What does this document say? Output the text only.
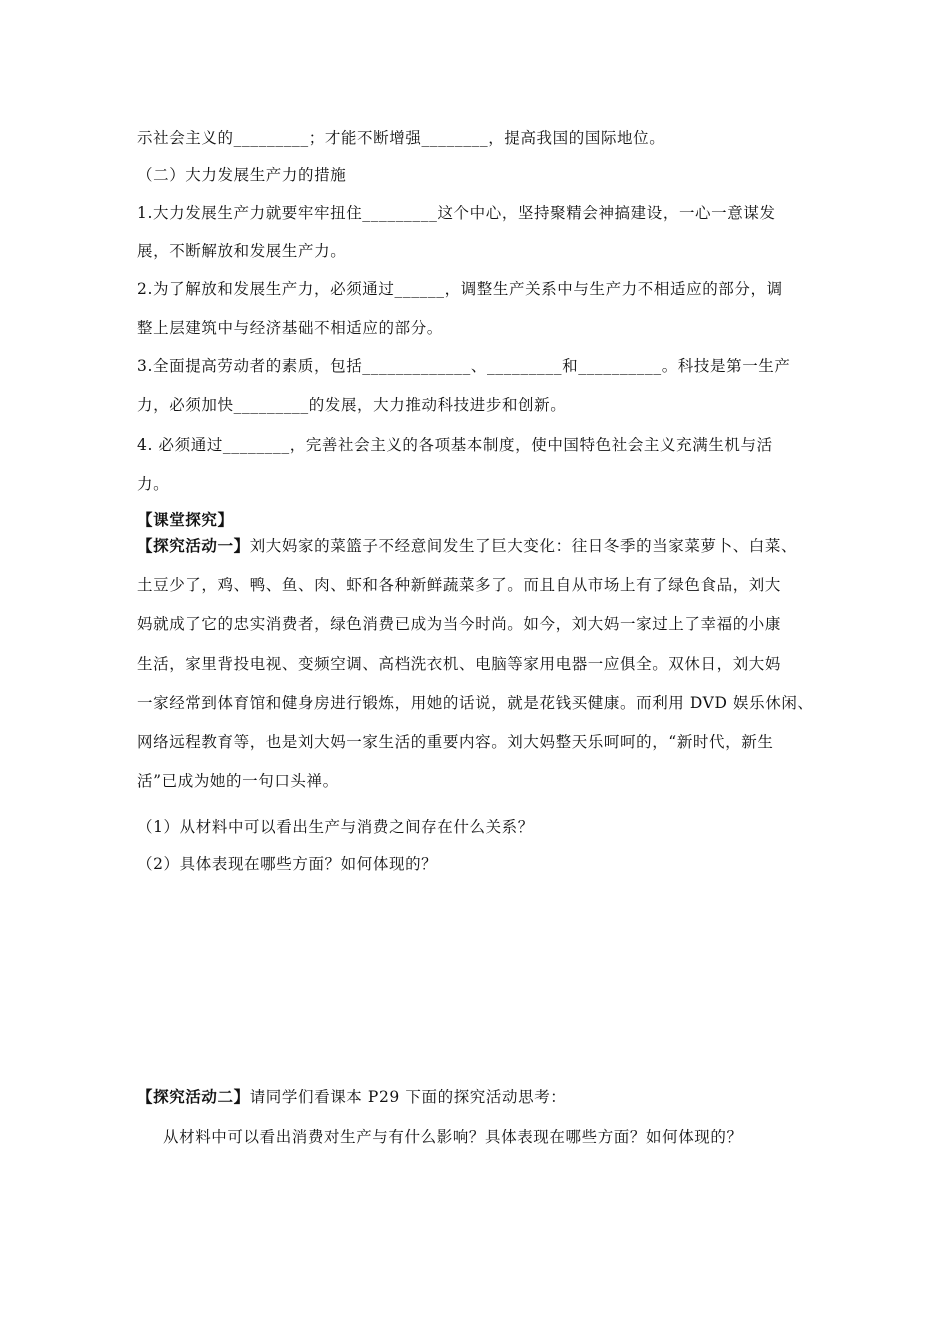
示社会主义的_________；才能不断增强________，提高我国的国际地位。
（二）大力发展生产力的措施
1.大力发展生产力就要牢牢扭住_________这个中心，坚持聚精会神搞建设，一心一意谋发
展，不断解放和发展生产力。
2.为了解放和发展生产力，必须通过______，调整生产关系中与生产力不相适应的部分，调
整上层建筑中与经济基础不相适应的部分。
3.全面提高劳动者的素质，包括_____________、_________和__________。科技是第一生产
力，必须加快_________的发展，大力推动科技进步和创新。
4. 必须通过________，完善社会主义的各项基本制度，使中国特色社会主义充满生机与活
力。
【课堂探究】
【探究活动一】刘大妈家的菜篮子不经意间发生了巨大变化：往日冬季的当家菜萝卜、白菜、
土豆少了，鸡、鸭、鱼、肉、虾和各种新鲜蔬菜多了。而且自从市场上有了绿色食品，刘大
妈就成了它的忠实消费者，绿色消费已成为当今时尚。如今，刘大妈一家过上了幸福的小康
生活，家里背投电视、变频空调、高档洗衣机、电脑等家用电器一应俱全。双休日，刘大妈
一家经常到体育馆和健身房进行锻炼，用她的话说，就是花钱买健康。而利用 DVD 娱乐休闲、
网络远程教育等，也是刘大妈一家生活的重要内容。刘大妈整天乐呵呵的，“新时代，新生
活”已成为她的一句口头禅。
（1）从材料中可以看出生产与消费之间存在什么关系？
（2）具体表现在哪些方面？如何体现的？
【探究活动二】请同学们看课本 P29 下面的探究活动思考：
从材料中可以看出消费对生产与有什么影响？具体表现在哪些方面？如何体现的？
